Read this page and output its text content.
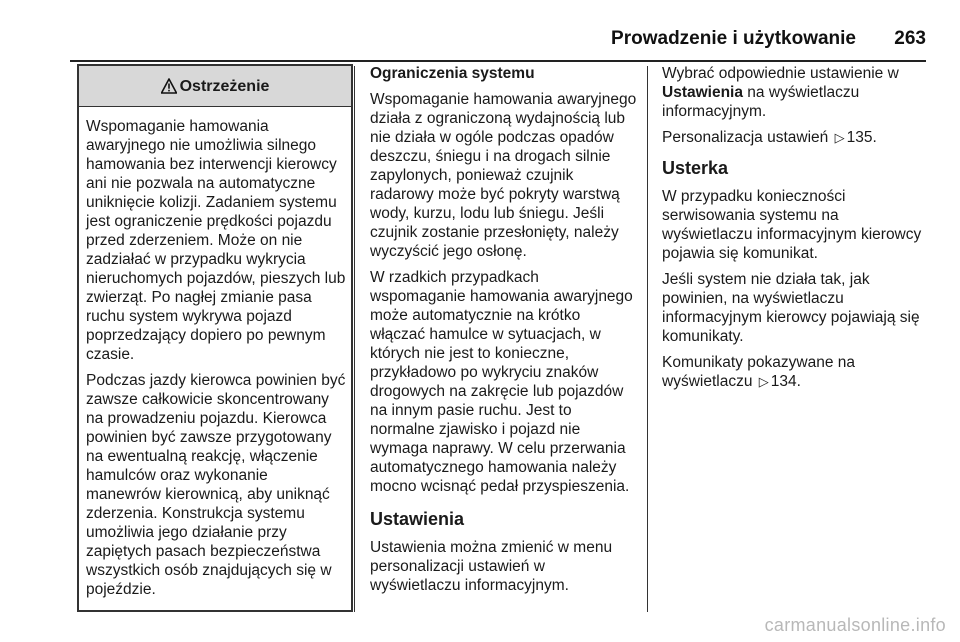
Prowadzenie i użytkowanie 263
Ostrzeżenie

Wspomaganie hamowania awaryjnego nie umożliwia silnego hamowania bez interwencji kierowcy ani nie pozwala na automatyczne uniknięcie kolizji. Zadaniem systemu jest ograniczenie prędkości pojazdu przed zderzeniem. Może on nie zadziałać w przypadku wykrycia nieruchomych pojazdów, pieszych lub zwierząt. Po nagłej zmianie pasa ruchu system wykrywa pojazd poprzedzający dopiero po pewnym czasie.

Podczas jazdy kierowca powinien być zawsze całkowicie skoncentrowany na prowadzeniu pojazdu. Kierowca powinien być zawsze przygotowany na ewentualną reakcję, włączenie hamulców oraz wykonanie manewrów kierownicą, aby uniknąć zderzenia. Konstrukcja systemu umożliwia jego działanie przy zapiętych pasach bezpieczeństwa wszystkich osób znajdujących się w pojeździe.

Ograniczenia systemu

Wspomaganie hamowania awaryjnego działa z ograniczoną wydajnością lub nie działa w ogóle podczas opadów deszczu, śniegu i na drogach silnie zapylonych, ponieważ czujnik radarowy może być pokryty warstwą wody, kurzu, lodu lub śniegu. Jeśli czujnik zostanie przesłonięty, należy wyczyścić jego osłonę.

W rzadkich przypadkach wspomaganie hamowania awaryjnego może automatycznie na krótko włączać hamulce w sytuacjach, w których nie jest to konieczne, przykładowo po wykryciu znaków drogowych na zakręcie lub pojazdów na innym pasie ruchu. Jest to normalne zjawisko i pojazd nie wymaga naprawy. W celu przerwania automatycznego hamowania należy mocno wcisnąć pedał przyspieszenia.

Ustawienia

Ustawienia można zmienić w menu personalizacji ustawień w wyświetlaczu informacyjnym.

Wybrać odpowiednie ustawienie w Ustawienia na wyświetlaczu informacyjnym.

Personalizacja ustawień ▷ 135.

Usterka

W przypadku konieczności serwisowania systemu na wyświetlaczu informacyjnym kierowcy pojawia się komunikat.

Jeśli system nie działa tak, jak powinien, na wyświetlaczu informacyjnym kierowcy pojawiają się komunikaty.

Komunikaty pokazywane na wyświetlaczu ▷ 134.

carmanualsonline.info
